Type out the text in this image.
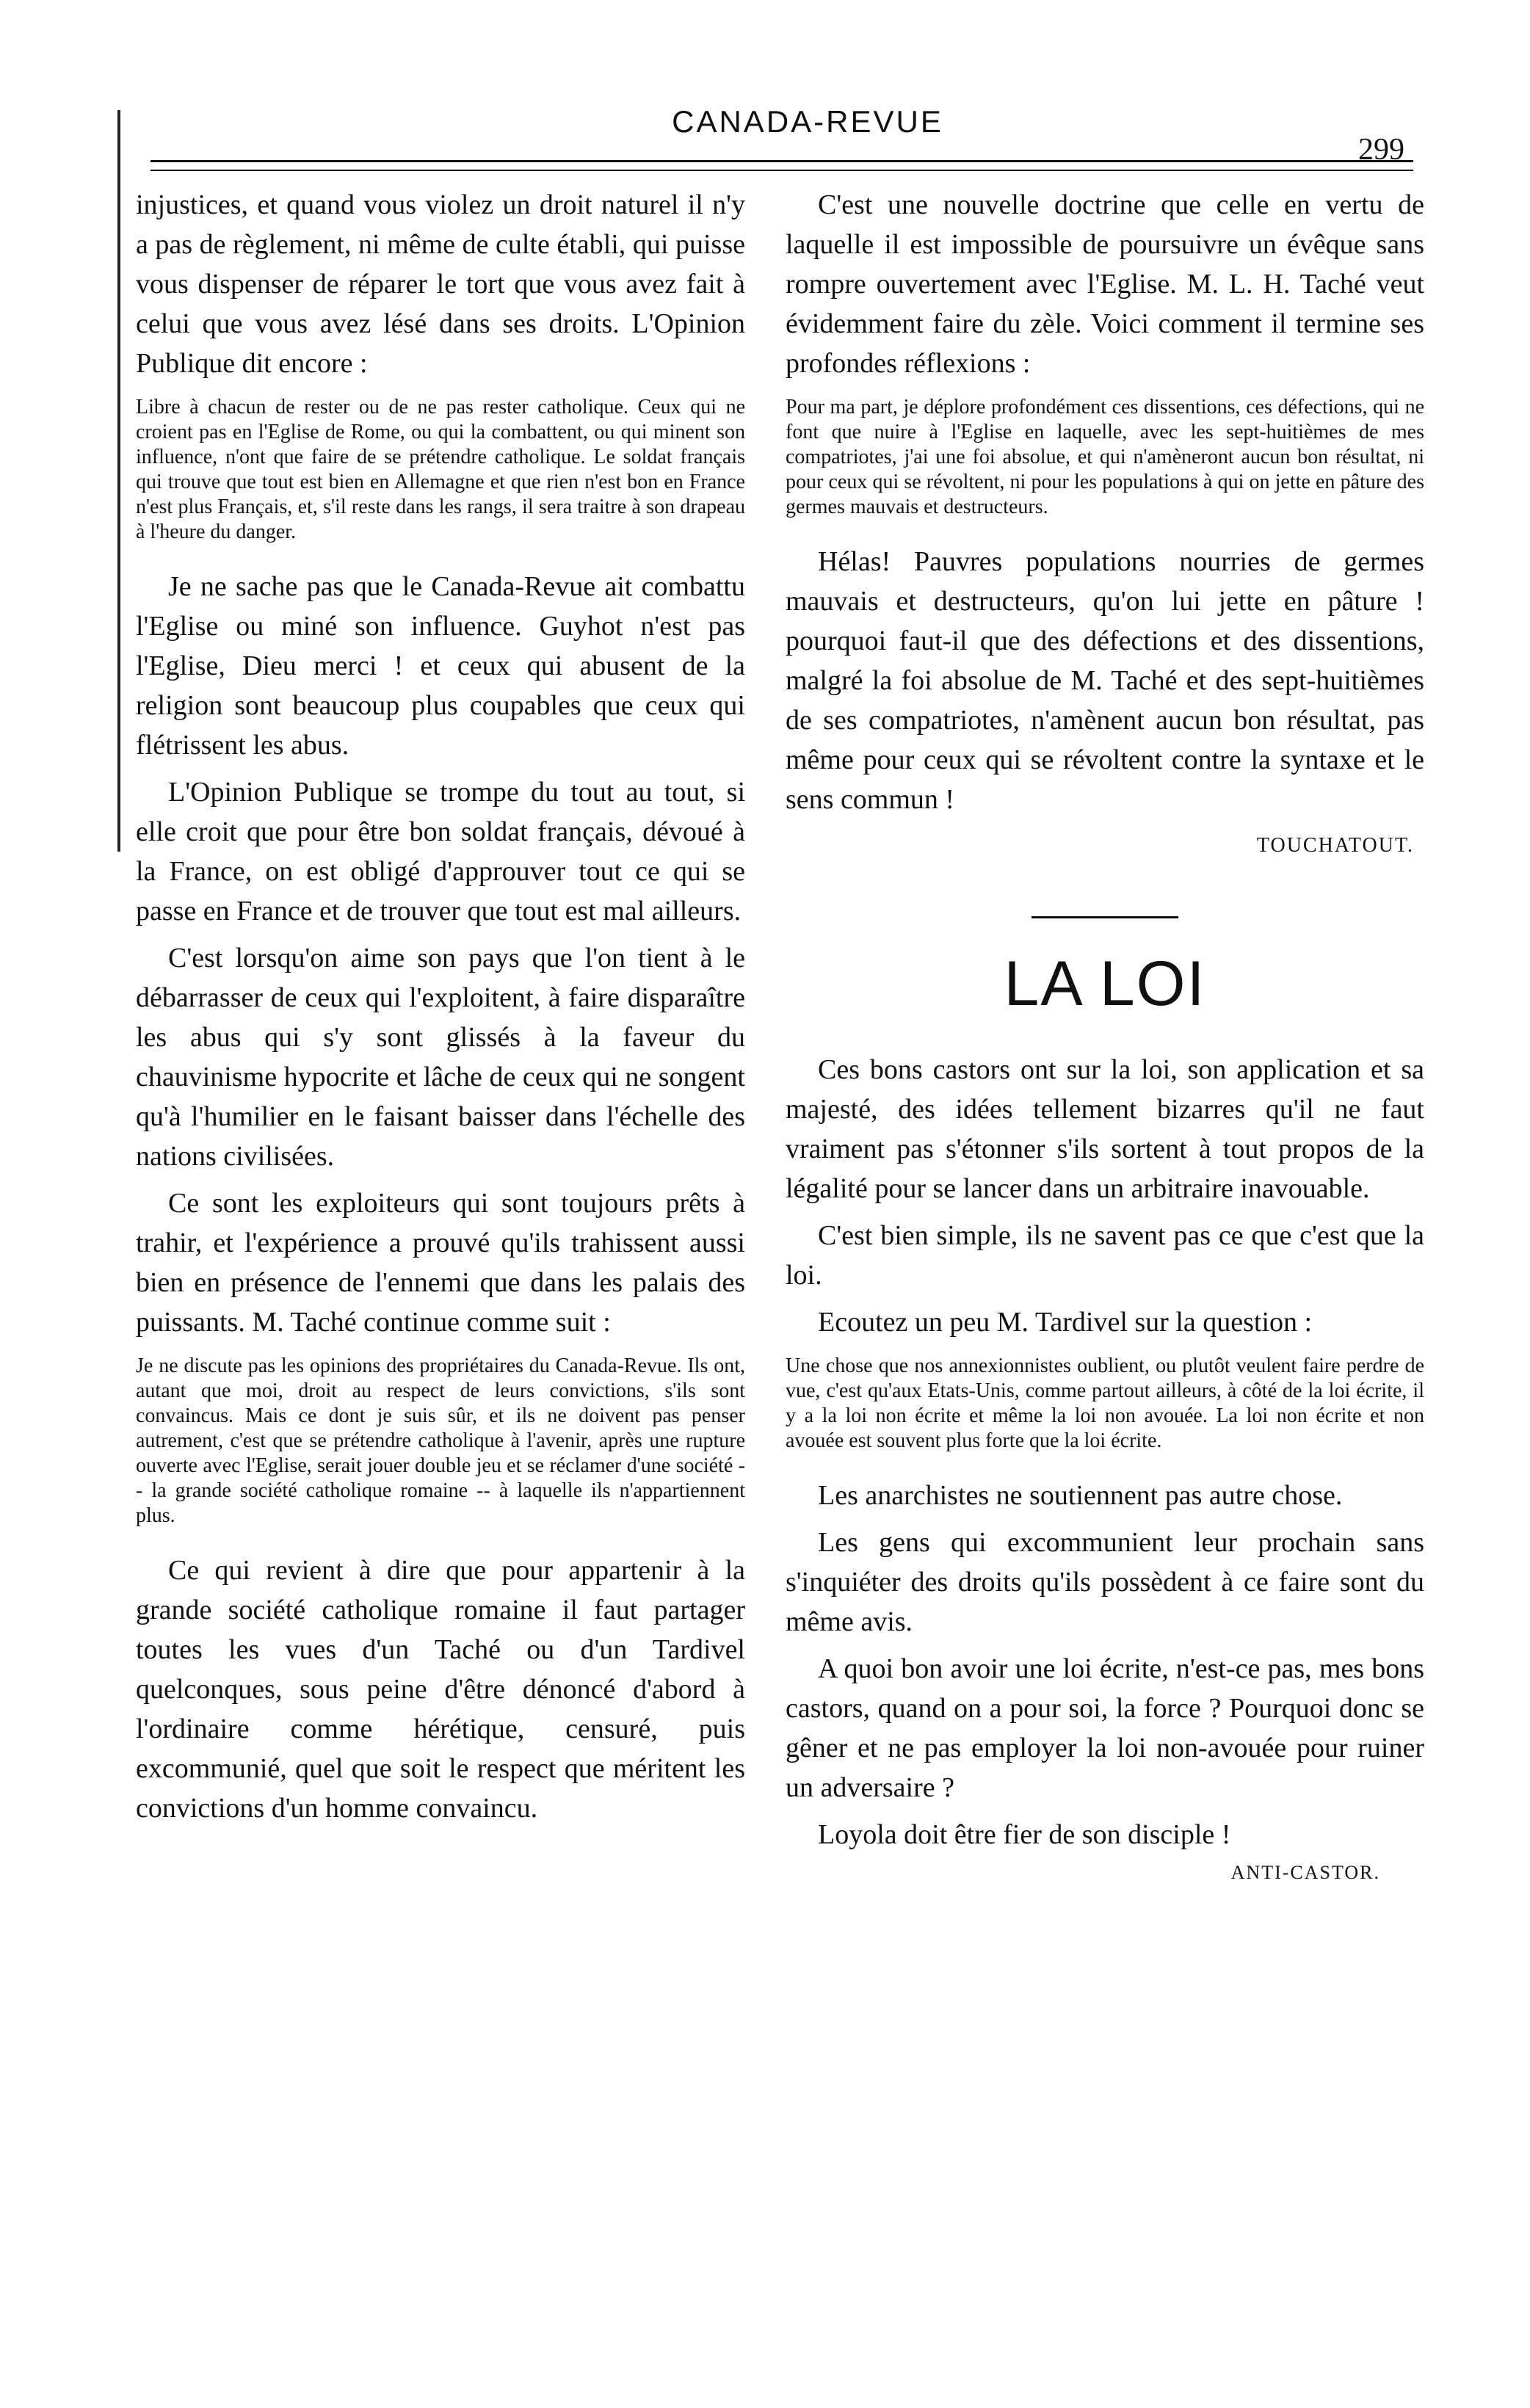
CANADA-REVUE
299

injustices, et quand vous violez un droit naturel il n'y a pas de règlement, ni même de culte établi, qui puisse vous dispenser de réparer le tort que vous avez fait à celui que vous avez lésé dans ses droits. L'Opinion Publique dit encore :

Libre à chacun de rester ou de ne pas rester catholique. Ceux qui ne croient pas en l'Eglise de Rome, ou qui la combattent, ou qui minent son influence, n'ont que faire de se prétendre catholique. Le soldat français qui trouve que tout est bien en Allemagne et que rien n'est bon en France n'est plus Français, et, s'il reste dans les rangs, il sera traitre à son drapeau à l'heure du danger.

Je ne sache pas que le Canada-Revue ait combattu l'Eglise ou miné son influence. Guyhot n'est pas l'Eglise, Dieu merci ! et ceux qui abusent de la religion sont beaucoup plus coupables que ceux qui flétrissent les abus.

L'Opinion Publique se trompe du tout au tout, si elle croit que pour être bon soldat français, dévoué à la France, on est obligé d'approuver tout ce qui se passe en France et de trouver que tout est mal ailleurs.

C'est lorsqu'on aime son pays que l'on tient à le débarrasser de ceux qui l'exploitent, à faire disparaître les abus qui s'y sont glissés à la faveur du chauvinisme hypocrite et lâche de ceux qui ne songent qu'à l'humilier en le faisant baisser dans l'échelle des nations civilisées.

Ce sont les exploiteurs qui sont toujours prêts à trahir, et l'expérience a prouvé qu'ils trahissent aussi bien en présence de l'ennemi que dans les palais des puissants. M. Taché continue comme suit :

Je ne discute pas les opinions des propriétaires du Canada-Revue. Ils ont, autant que moi, droit au respect de leurs convictions, s'ils sont convaincus. Mais ce dont je suis sûr, et ils ne doivent pas penser autrement, c'est que se prétendre catholique à l'avenir, après une rupture ouverte avec l'Eglise, serait jouer double jeu et se réclamer d'une société -- la grande société catholique romaine -- à laquelle ils n'appartiennent plus.

Ce qui revient à dire que pour appartenir à la grande société catholique romaine il faut partager toutes les vues d'un Taché ou d'un Tardivel quelconques, sous peine d'être dénoncé d'abord à l'ordinaire comme hérétique, censuré, puis excommunié, quel que soit le respect que méritent les convictions d'un homme convaincu.

C'est une nouvelle doctrine que celle en vertu de laquelle il est impossible de poursuivre un évêque sans rompre ouvertement avec l'Eglise. M. L. H. Taché veut évidemment faire du zèle. Voici comment il termine ses profondes réflexions :

Pour ma part, je déplore profondément ces dissentions, ces défections, qui ne font que nuire à l'Eglise en laquelle, avec les sept-huitièmes de mes compatriotes, j'ai une foi absolue, et qui n'amèneront aucun bon résultat, ni pour ceux qui se révoltent, ni pour les populations à qui on jette en pâture des germes mauvais et destructeurs.

Hélas! Pauvres populations nourries de germes mauvais et destructeurs, qu'on lui jette en pâture ! pourquoi faut-il que des défections et des dissentions, malgré la foi absolue de M. Taché et des sept-huitièmes de ses compatriotes, n'amènent aucun bon résultat, pas même pour ceux qui se révoltent contre la syntaxe et le sens commun !

TOUCHATOUT.
LA LOI

Ces bons castors ont sur la loi, son application et sa majesté, des idées tellement bizarres qu'il ne faut vraiment pas s'étonner s'ils sortent à tout propos de la légalité pour se lancer dans un arbitraire inavouable.

C'est bien simple, ils ne savent pas ce que c'est que la loi.

Ecoutez un peu M. Tardivel sur la question :

Une chose que nos annexionnistes oublient, ou plutôt veulent faire perdre de vue, c'est qu'aux Etats-Unis, comme partout ailleurs, à côté de la loi écrite, il y a la loi non écrite et même la loi non avouée. La loi non écrite et non avouée est souvent plus forte que la loi écrite.

Les anarchistes ne soutiennent pas autre chose.

Les gens qui excommunient leur prochain sans s'inquiéter des droits qu'ils possèdent à ce faire sont du même avis.

A quoi bon avoir une loi écrite, n'est-ce pas, mes bons castors, quand on a pour soi, la force ? Pourquoi donc se gêner et ne pas employer la loi non-avouée pour ruiner un adversaire ?

Loyola doit être fier de son disciple !

ANTI-CASTOR.
